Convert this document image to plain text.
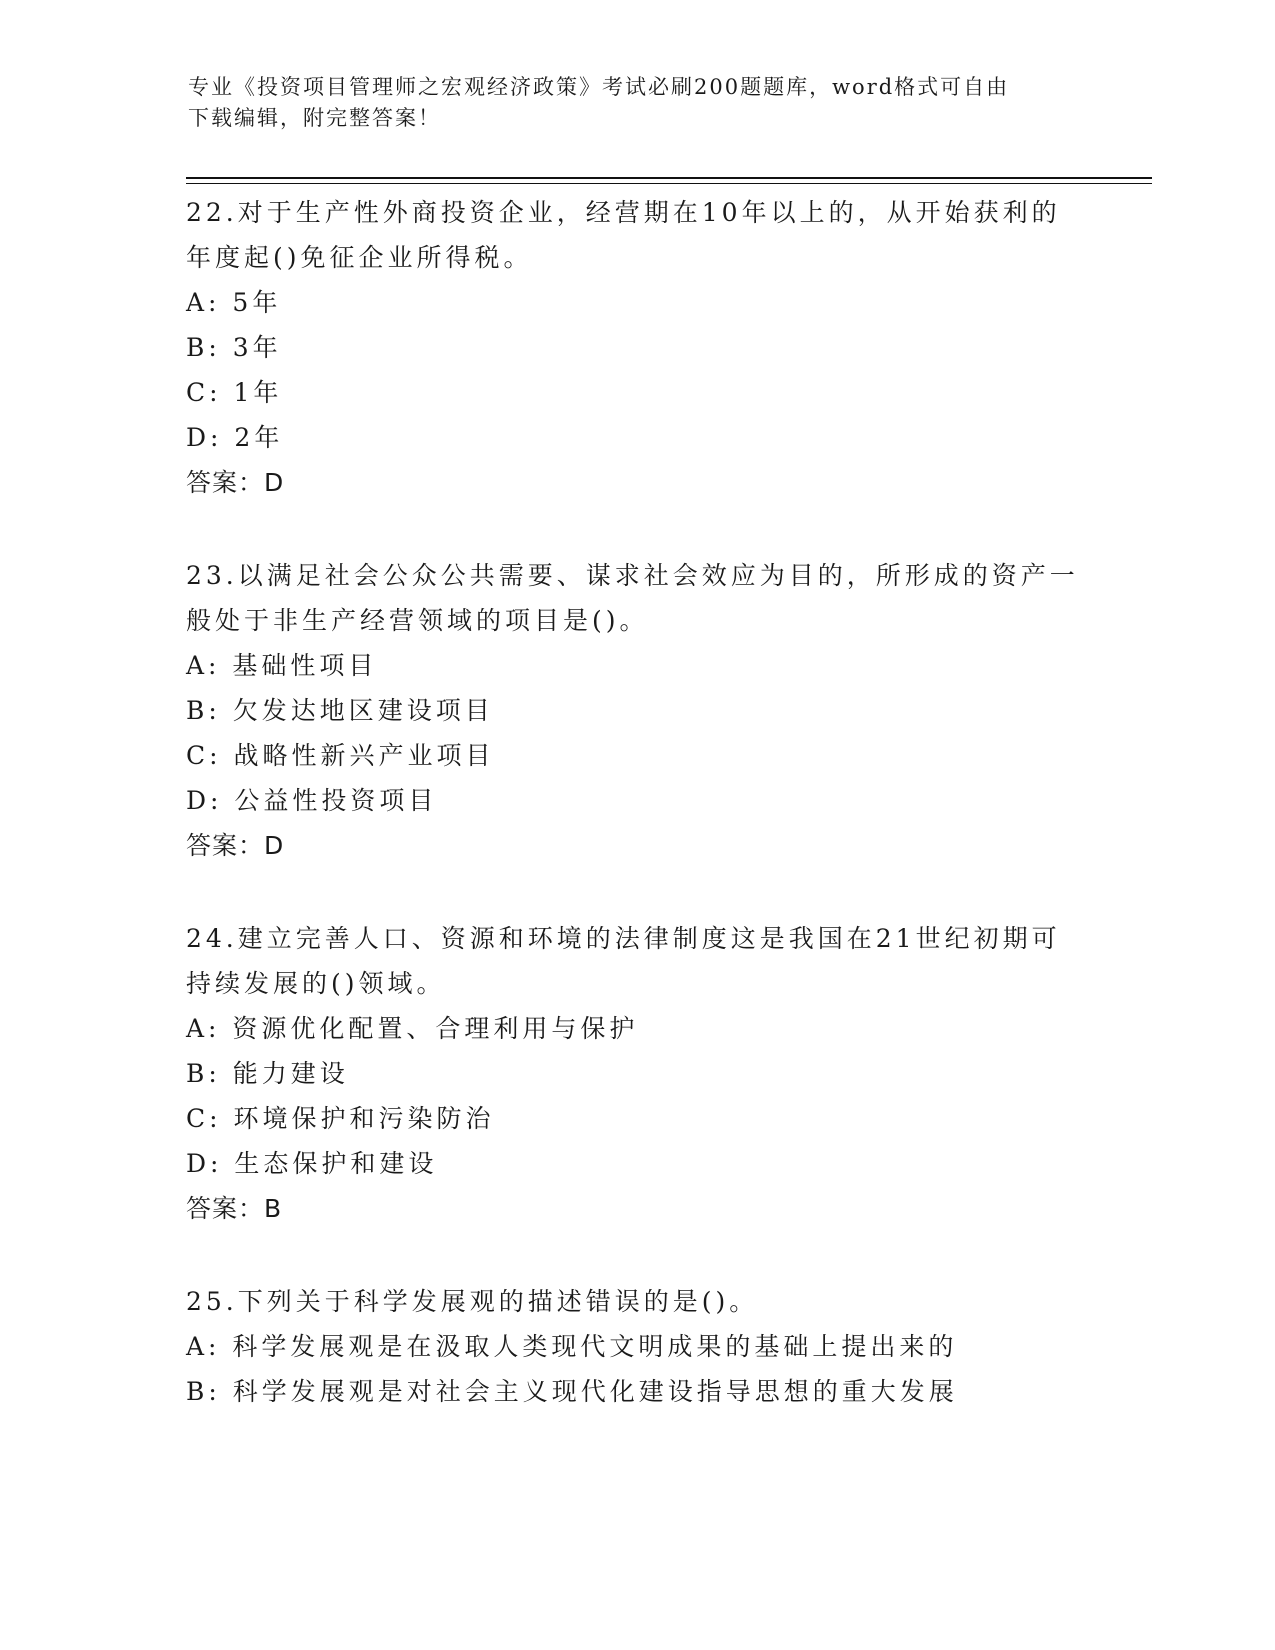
专业《投资项目管理师之宏观经济政策》考试必刷200题题库，word格式可自由
下载编辑，附完整答案！
22.对于生产性外商投资企业，经营期在10年以上的，从开始获利的
年度起()免征企业所得税。
A: 5年
B: 3年
C: 1年
D: 2年
答案：D
23.以满足社会公众公共需要、谋求社会效应为目的，所形成的资产一
般处于非生产经营领域的项目是()。
A: 基础性项目
B: 欠发达地区建设项目
C: 战略性新兴产业项目
D: 公益性投资项目
答案：D
24.建立完善人口、资源和环境的法律制度这是我国在21世纪初期可
持续发展的()领域。
A: 资源优化配置、合理利用与保护
B: 能力建设
C: 环境保护和污染防治
D: 生态保护和建设
答案：B
25.下列关于科学发展观的描述错误的是()。
A: 科学发展观是在汲取人类现代文明成果的基础上提出来的
B: 科学发展观是对社会主义现代化建设指导思想的重大发展
